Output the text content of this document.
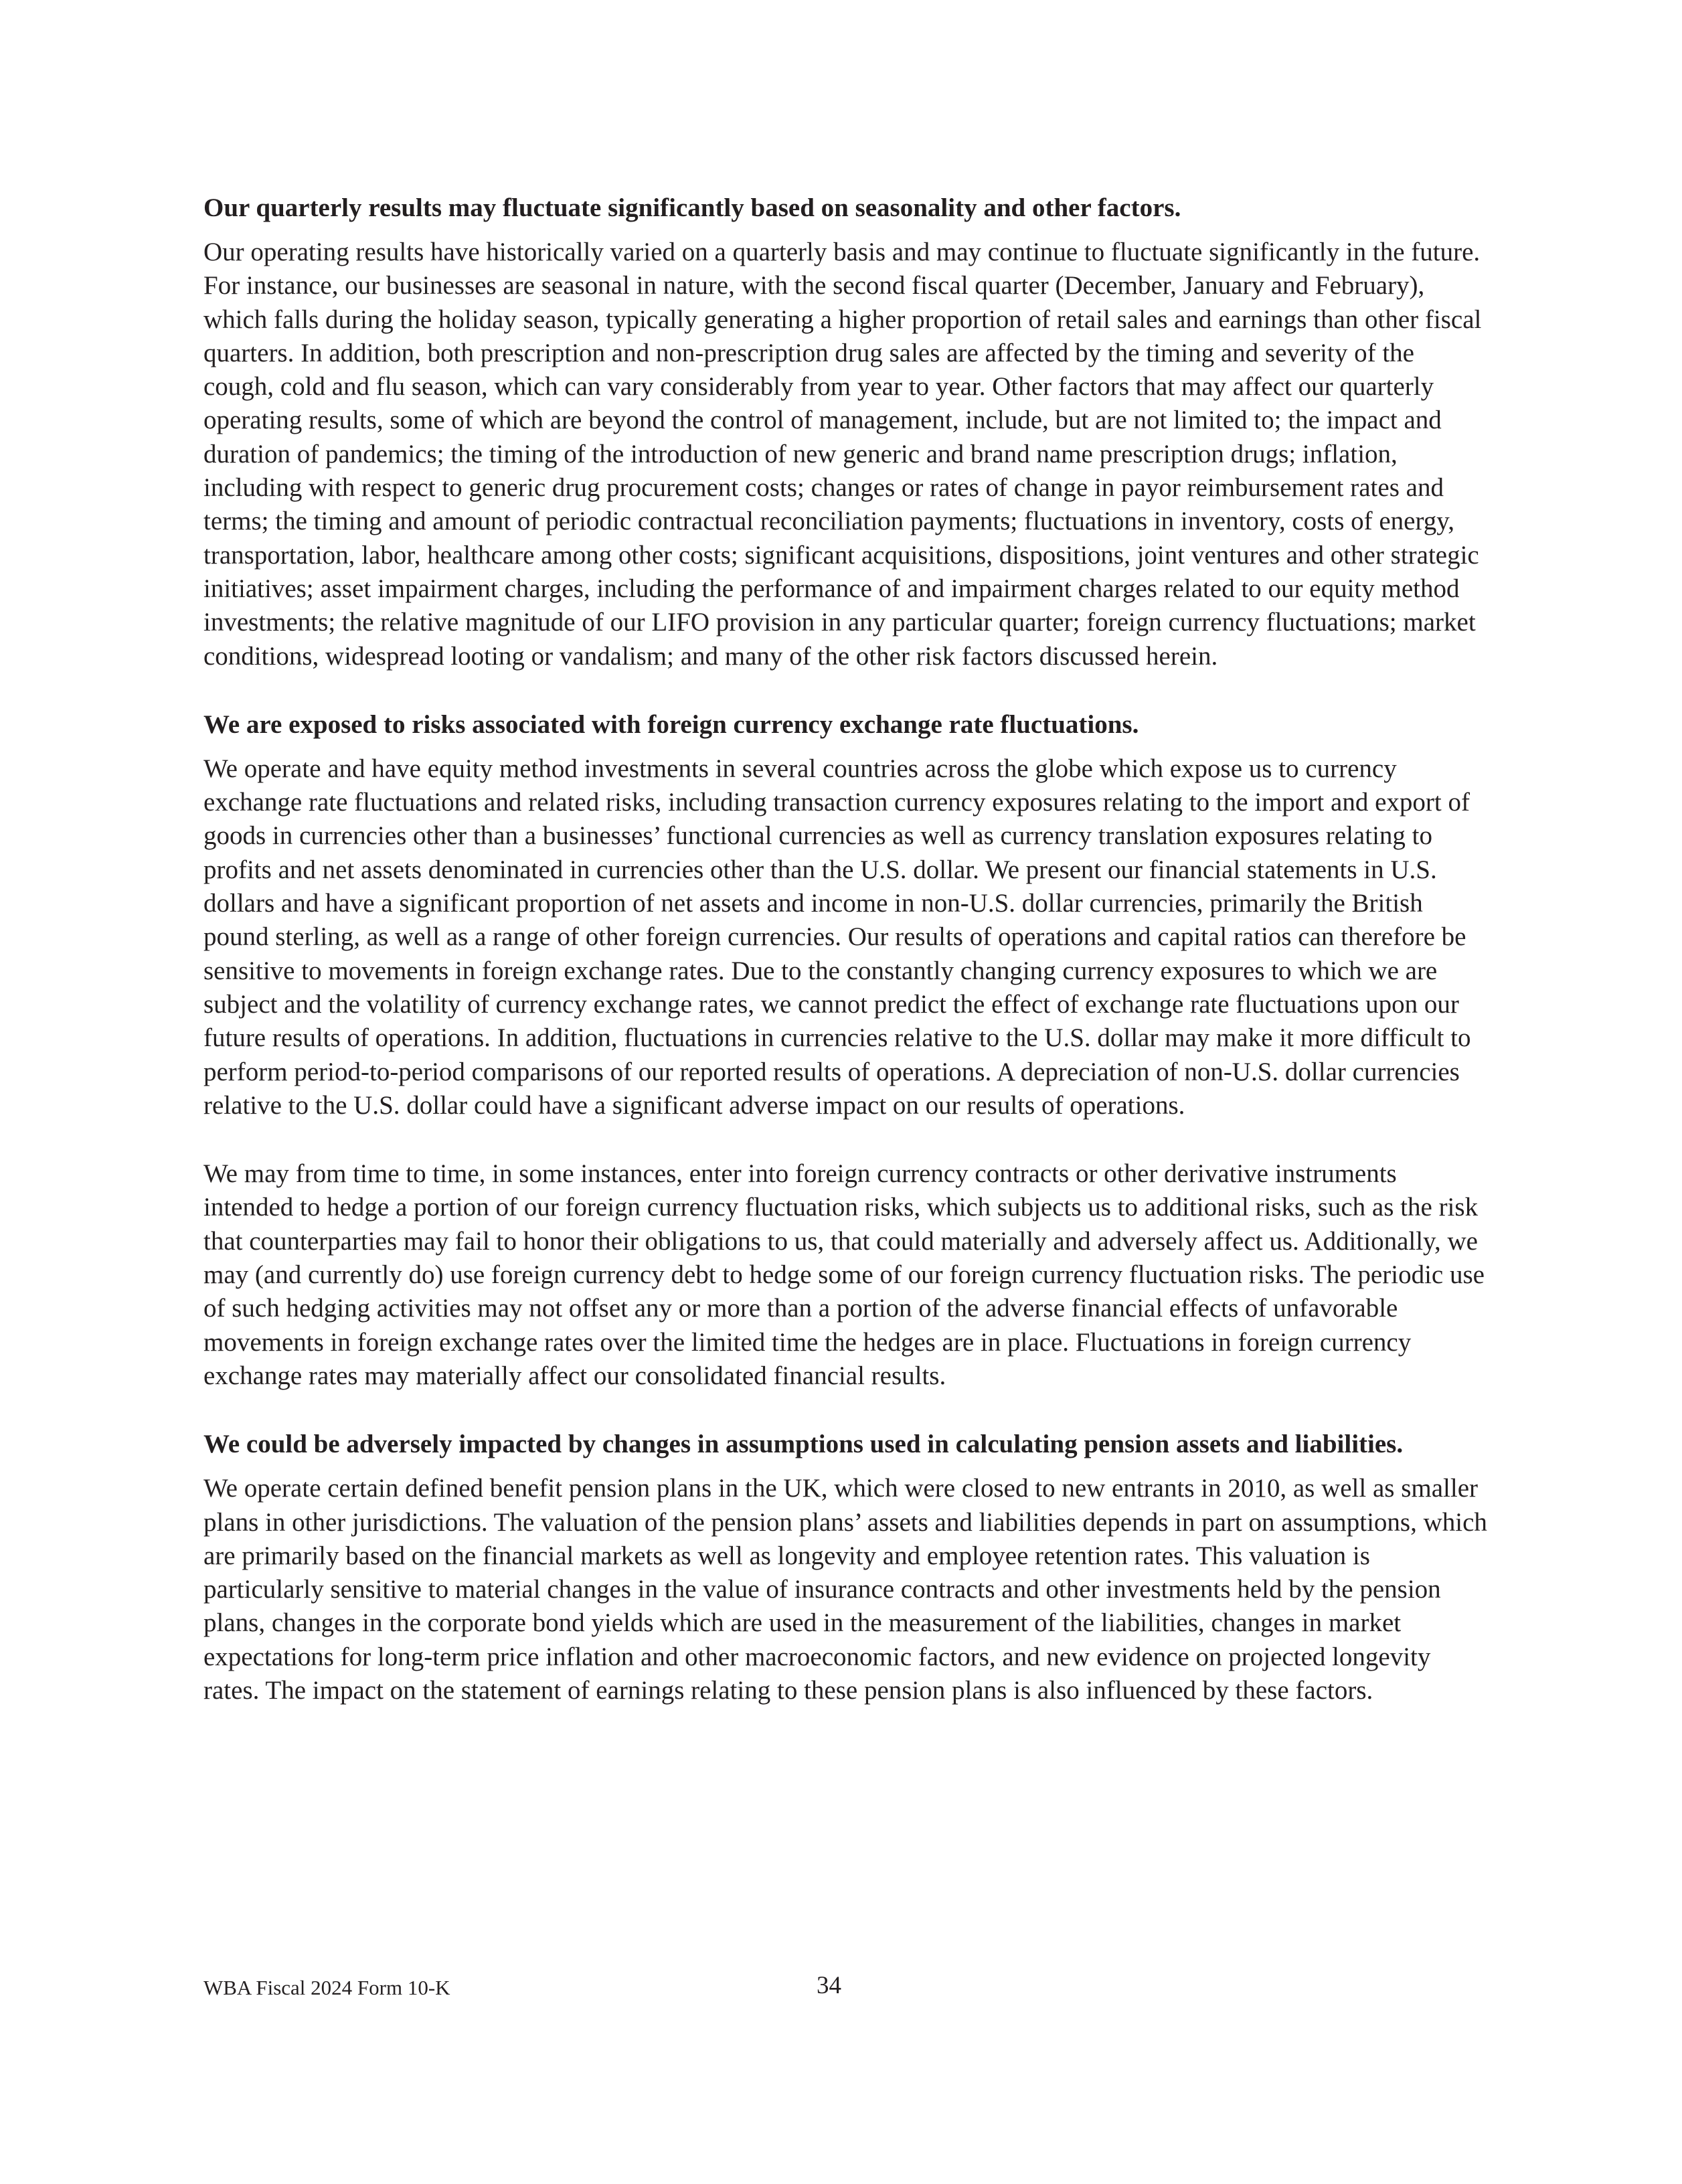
Our quarterly results may fluctuate significantly based on seasonality and other factors.

Our operating results have historically varied on a quarterly basis and may continue to fluctuate significantly in the future. For instance, our businesses are seasonal in nature, with the second fiscal quarter (December, January and February), which falls during the holiday season, typically generating a higher proportion of retail sales and earnings than other fiscal quarters. In addition, both prescription and non-prescription drug sales are affected by the timing and severity of the cough, cold and flu season, which can vary considerably from year to year. Other factors that may affect our quarterly operating results, some of which are beyond the control of management, include, but are not limited to; the impact and duration of pandemics; the timing of the introduction of new generic and brand name prescription drugs; inflation, including with respect to generic drug procurement costs; changes or rates of change in payor reimbursement rates and terms; the timing and amount of periodic contractual reconciliation payments; fluctuations in inventory, costs of energy, transportation, labor, healthcare among other costs; significant acquisitions, dispositions, joint ventures and other strategic initiatives; asset impairment charges, including the performance of and impairment charges related to our equity method investments; the relative magnitude of our LIFO provision in any particular quarter; foreign currency fluctuations; market conditions, widespread looting or vandalism; and many of the other risk factors discussed herein.

We are exposed to risks associated with foreign currency exchange rate fluctuations.

We operate and have equity method investments in several countries across the globe which expose us to currency exchange rate fluctuations and related risks, including transaction currency exposures relating to the import and export of goods in currencies other than a businesses’ functional currencies as well as currency translation exposures relating to profits and net assets denominated in currencies other than the U.S. dollar. We present our financial statements in U.S. dollars and have a significant proportion of net assets and income in non-U.S. dollar currencies, primarily the British pound sterling, as well as a range of other foreign currencies. Our results of operations and capital ratios can therefore be sensitive to movements in foreign exchange rates. Due to the constantly changing currency exposures to which we are subject and the volatility of currency exchange rates, we cannot predict the effect of exchange rate fluctuations upon our future results of operations. In addition, fluctuations in currencies relative to the U.S. dollar may make it more difficult to perform period-to-period comparisons of our reported results of operations. A depreciation of non-U.S. dollar currencies relative to the U.S. dollar could have a significant adverse impact on our results of operations.

We may from time to time, in some instances, enter into foreign currency contracts or other derivative instruments intended to hedge a portion of our foreign currency fluctuation risks, which subjects us to additional risks, such as the risk that counterparties may fail to honor their obligations to us, that could materially and adversely affect us. Additionally, we may (and currently do) use foreign currency debt to hedge some of our foreign currency fluctuation risks. The periodic use of such hedging activities may not offset any or more than a portion of the adverse financial effects of unfavorable movements in foreign exchange rates over the limited time the hedges are in place. Fluctuations in foreign currency exchange rates may materially affect our consolidated financial results.

We could be adversely impacted by changes in assumptions used in calculating pension assets and liabilities.

We operate certain defined benefit pension plans in the UK, which were closed to new entrants in 2010, as well as smaller plans in other jurisdictions. The valuation of the pension plans’ assets and liabilities depends in part on assumptions, which are primarily based on the financial markets as well as longevity and employee retention rates. This valuation is particularly sensitive to material changes in the value of insurance contracts and other investments held by the pension plans, changes in the corporate bond yields which are used in the measurement of the liabilities, changes in market expectations for long-term price inflation and other macroeconomic factors, and new evidence on projected longevity rates. The impact on the statement of earnings relating to these pension plans is also influenced by these factors.

WBA Fiscal 2024 Form 10-K	34
